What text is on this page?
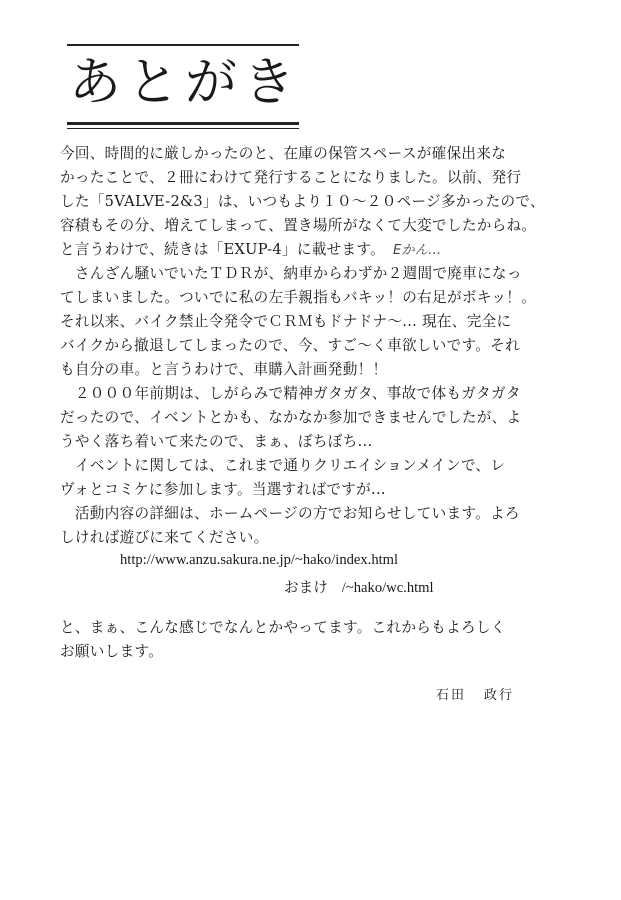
あとがき
今回、時間的に厳しかったのと、在庫の保管スペースが確保出来な
かったことで、２冊にわけて発行することになりました。以前、発行
した「5VALVE-2&3」は、いつもより１０～２０ページ多かったので、
容積もその分、増えてしまって、置き場所がなくて大変でしたからね。
と言うわけで、続きは「EXUP-4」に載せます。 Eかん...
　さんざん騒いでいたＴＤＲが、納車からわずか２週間で廃車になっ
てしまいました。ついでに私の左手親指もバキッ！の右足がボキッ！。
それ以来、バイク禁止令発令でＣＲＭもドナドナ～... 現在、完全に
バイクから撤退してしまったので、今、すご～く車欲しいです。それ
も自分の車。と言うわけで、車購入計画発動！！
　２０００年前期は、しがらみで精神ガタガタ、事故で体もガタガタ
だったので、イベントとかも、なかなか参加できませんでしたが、よ
うやく落ち着いて来たので、まぁ、ぼちぼち...
　イベントに関しては、これまで通りクリエイションメインで、レ
ヴォとコミケに参加します。当選すればですが...
　活動内容の詳細は、ホームページの方でお知らせしています。よろ
しければ遊びに来てください。
http://www.anzu.sakura.ne.jp/~hako/index.html
おまけ /~hako/wc.html
と、まぁ、こんな感じでなんとかやってます。これからもよろしく
お願いします。
石田 政行
